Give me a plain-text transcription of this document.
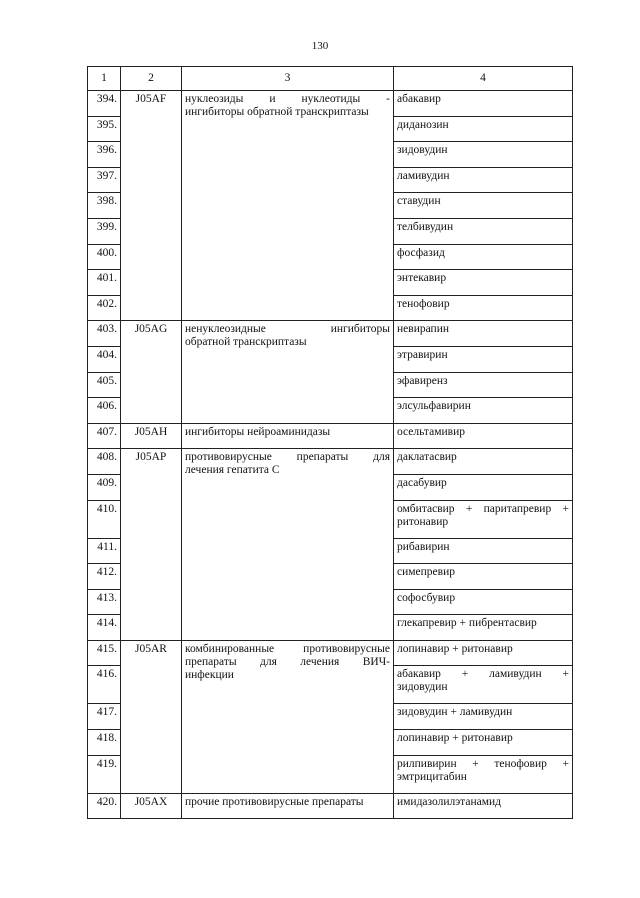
130
1	2	3	4
394.	J05AF	нуклеозиды и нуклеотиды -
ингибиторы обратной транскриптазы	абакавир
395.			диданозин
396.			зидовудин
397.			ламивудин
398.			ставудин
399.			телбивудин
400.			фосфазид
401.			энтекавир
402.			тенофовир
403.	J05AG	ненуклеозидные ингибиторы
обратной транскриптазы	невирапин
404.			этравирин
405.			эфавиренз
406.			элсульфавирин
407.	J05AH	ингибиторы нейроаминидазы	осельтамивир
408.	J05AP	противовирусные препараты для
лечения гепатита С	даклатасвир
409.			дасабувир
410.			омбитасвир + паритапревир +
ритонавир

411.			рибавирин
412.			симепревир
413.			софосбувир
414.			глекапревир + пибрентасвир
415.	J05AR	комбинированные противовирусные
препараты для лечения ВИЧ-
инфекции	лопинавир + ритонавир
416.			абакавир + ламивудин +
зидовудин

417.			зидовудин + ламивудин
418.			лопинавир + ритонавир
419.			рилпивирин + тенофовир +
эмтрицитабин

420.	J05AX	прочие противовирусные препараты	имидазолилэтанамид
